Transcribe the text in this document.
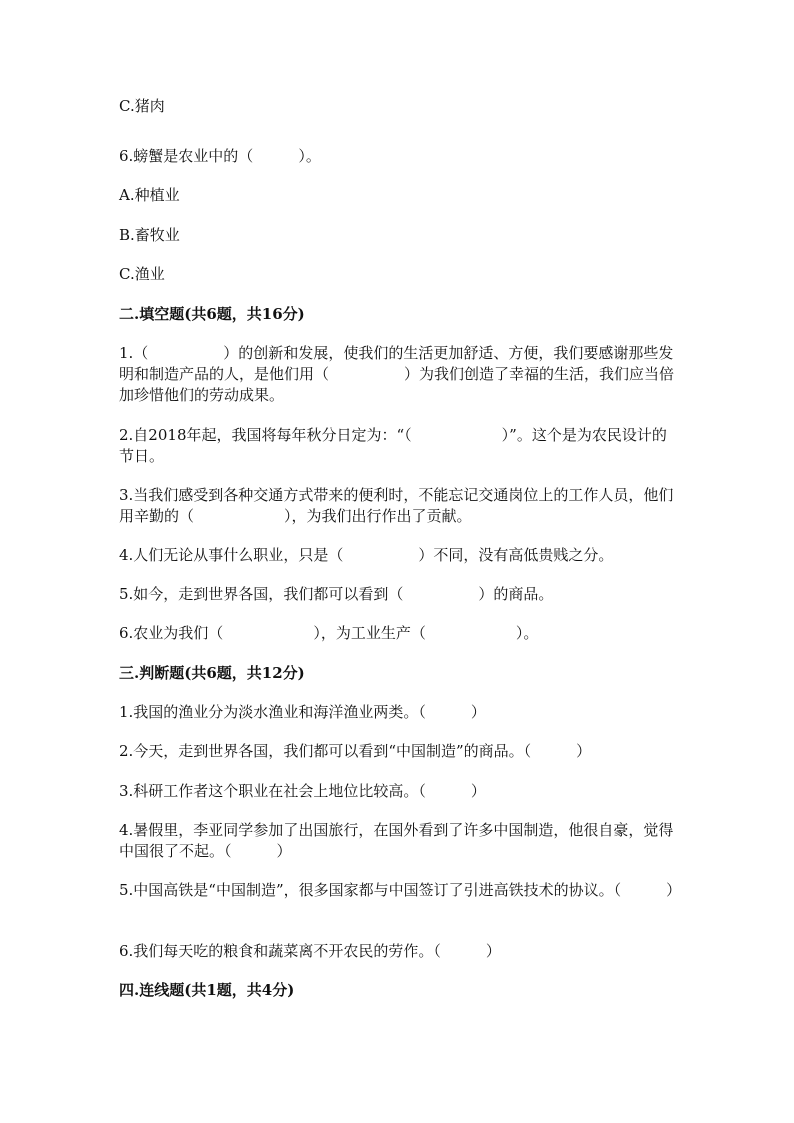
C.猪肉
6.螃蟹是农业中的（　　　）。
A.种植业
B.畜牧业
C.渔业
二.填空题(共6题，共16分)
1.（　　　　　）的创新和发展，使我们的生活更加舒适、方便，我们要感谢那些发明和制造产品的人，是他们用（　　　　　）为我们创造了幸福的生活，我们应当倍加珍惜他们的劳动成果。
2.自2018年起，我国将每年秋分日定为：“（　　　　　　）”。这个是为农民设计的节日。
3.当我们感受到各种交通方式带来的便利时，不能忘记交通岗位上的工作人员，他们用辛勤的（　　　　　　），为我们出行作出了贡献。
4.人们无论从事什么职业，只是（　　　　　）不同，没有高低贵贱之分。
5.如今，走到世界各国，我们都可以看到（　　　　　）的商品。
6.农业为我们（　　　　　　），为工业生产（　　　　　　）。
三.判断题(共6题，共12分)
1.我国的渔业分为淡水渔业和海洋渔业两类。（　　　）
2.今天，走到世界各国，我们都可以看到“中国制造”的商品。（　　　）
3.科研工作者这个职业在社会上地位比较高。（　　　）
4.暑假里，李亚同学参加了出国旅行，在国外看到了许多中国制造，他很自豪，觉得中国很了不起。（　　　）
5.中国高铁是“中国制造”，很多国家都与中国签订了引进高铁技术的协议。（　　　）
6.我们每天吃的粮食和蔬菜离不开农民的劳作。（　　　）
四.连线题(共1题，共4分)
